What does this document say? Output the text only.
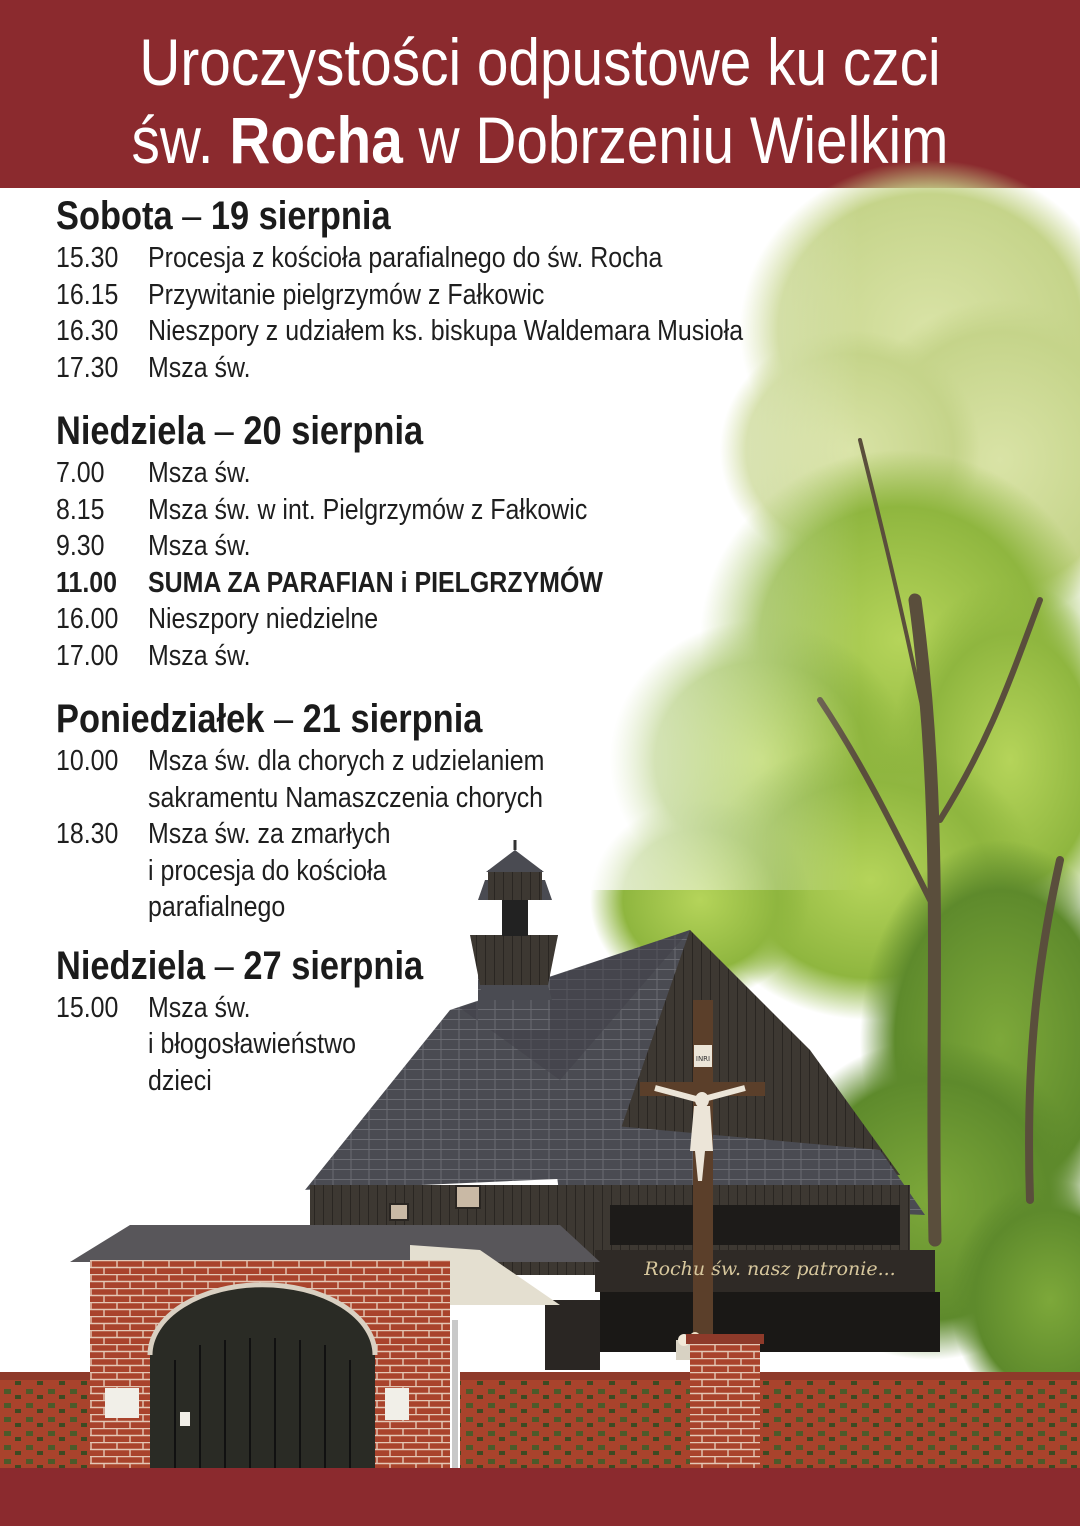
Uroczystości odpustowe ku czci
św. Rocha w Dobrzeniu Wielkim
INRI
Rochu św. nasz patronie...
Sobota – 19 sierpnia
15.30	Procesja z kościoła parafialnego do św. Rocha
16.15	Przywitanie pielgrzymów z Fałkowic
16.30	Nieszpory z udziałem ks. biskupa Waldemara Musioła
17.30	Msza św.
Niedziela – 20 sierpnia
7.00	Msza św.
8.15	Msza św. w int. Pielgrzymów z Fałkowic
9.30	Msza św.
11.00	SUMA ZA PARAFIAN i PIELGRZYMÓW
16.00	Nieszpory niedzielne
17.00	Msza św.
Poniedziałek – 21 sierpnia
10.00	Msza św. dla chorych z udzielaniem
sakramentu Namaszczenia chorych
18.30	Msza św. za zmarłych
i procesja do kościoła
parafialnego
Niedziela – 27 sierpnia
15.00	Msza św.
i błogosławieństwo
dzieci
